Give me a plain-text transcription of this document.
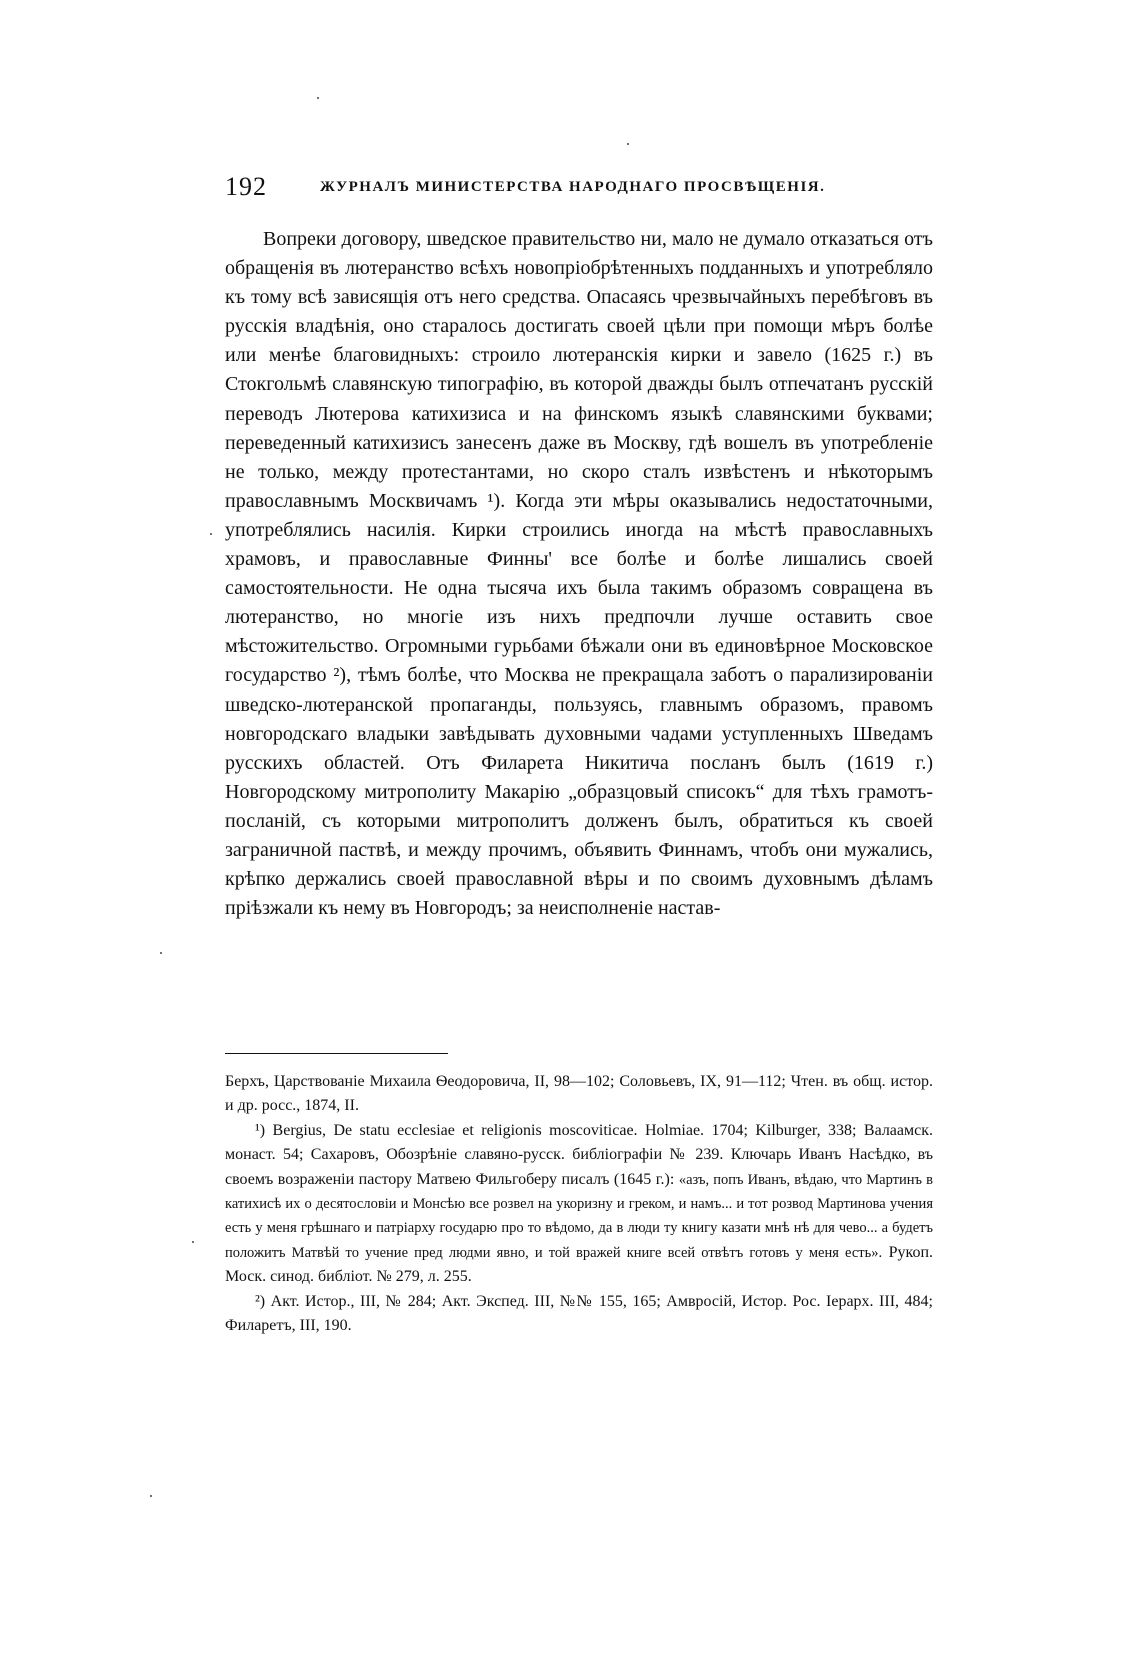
192	ЖУРНАЛЪ МИНИСТЕРСТВА НАРОДНАГО ПРОСВѢЩЕНІЯ.

Вопреки договору, шведское правительство ни, мало не думало отказаться отъ обращенія въ лютеранство всѣхъ новопріобрѣтенныхъ подданныхъ и употребляло къ тому всѣ зависящія отъ него средства. Опасаясь чрезвычайныхъ перебѣговъ въ русскія владѣнія, оно старалось достигать своей цѣли при помощи мѣръ болѣе или менѣе благовидныхъ: строило лютеранскія кирки и завело (1625 г.) въ Стокгольмѣ славянскую типографію, въ которой дважды былъ отпечатанъ русскій переводъ Лютерова катихизиса и на финскомъ языкѣ славянскими буквами; переведенный катихизисъ занесенъ даже въ Москву, гдѣ вошелъ въ употребленіе не только, между протестантами, но скоро сталъ извѣстенъ и нѣкоторымъ православнымъ Москвичамъ ¹). Когда эти мѣры оказывались недостаточными, употреблялись насилія. Кирки строились иногда на мѣстѣ православныхъ храмовъ, и православные Финны' все болѣе и болѣе лишались своей самостоятельности. Не одна тысяча ихъ была такимъ образомъ совращена въ лютеранство, но многіе изъ нихъ предпочли лучше оставить свое мѣстожительство. Огромными гурьбами бѣжали они въ единовѣрное Московское государство ²), тѣмъ болѣе, что Москва не прекращала заботъ о парализированіи шведско-лютеранской пропаганды, пользуясь, главнымъ образомъ, правомъ новгородскаго владыки завѣдывать духовными чадами уступленныхъ Шведамъ русскихъ областей. Отъ Филарета Никитича посланъ былъ (1619 г.) Новгородскому митрополиту Макарію „образцовый списокъ“ для тѣхъ грамотъ-посланій, съ которыми митрополитъ долженъ былъ, обратиться къ своей заграничной паствѣ, и между прочимъ, объявить Финнамъ, чтобъ они мужались, крѣпко держались своей православной вѣры и по своимъ духовнымъ дѣламъ пріѣзжали къ нему въ Новгородъ; за неисполненіе настав-

Берхъ, Царствованіе Михаила Ѳеодоровича, II, 98—102; Соловьевъ, IX, 91—112; Чтен. въ общ. истор. и др. росс., 1874, II.

¹) Bergius, De statu ecclesiae et religionis moscoviticae. Holmiae. 1704; Kilburger, 338; Валаамск. монаст. 54; Сахаровъ, Обозрѣніе славяно-русск. библіографіи № 239. Ключарь Иванъ Насѣдко, въ своемъ возраженіи пастору Матвею Фильгоберу писалъ (1645 г.): «азъ, попъ Иванъ, вѣдаю, что Мартинъ в катихисѣ их о десятословіи и Монсѣю все розвел на укоризну и греком, и намъ... и тот розвод Мартинова учения есть у меня грѣшнаго и патріарху государю про то вѣдомо, да в люди ту книгу казати мнѣ нѣ для чево... а будетъ положитъ Матвѣй то учение пред людми явно, и той вражей книге всей отвѣтъ готовъ у меня есть». Рукоп. Моск. синод. библіот. № 279, л. 255.

²) Акт. Истор., III, № 284; Акт. Экспед. III, №№ 155, 165; Амвросій, Истор. Рос. Іерарх. III, 484; Филаретъ, III, 190.
